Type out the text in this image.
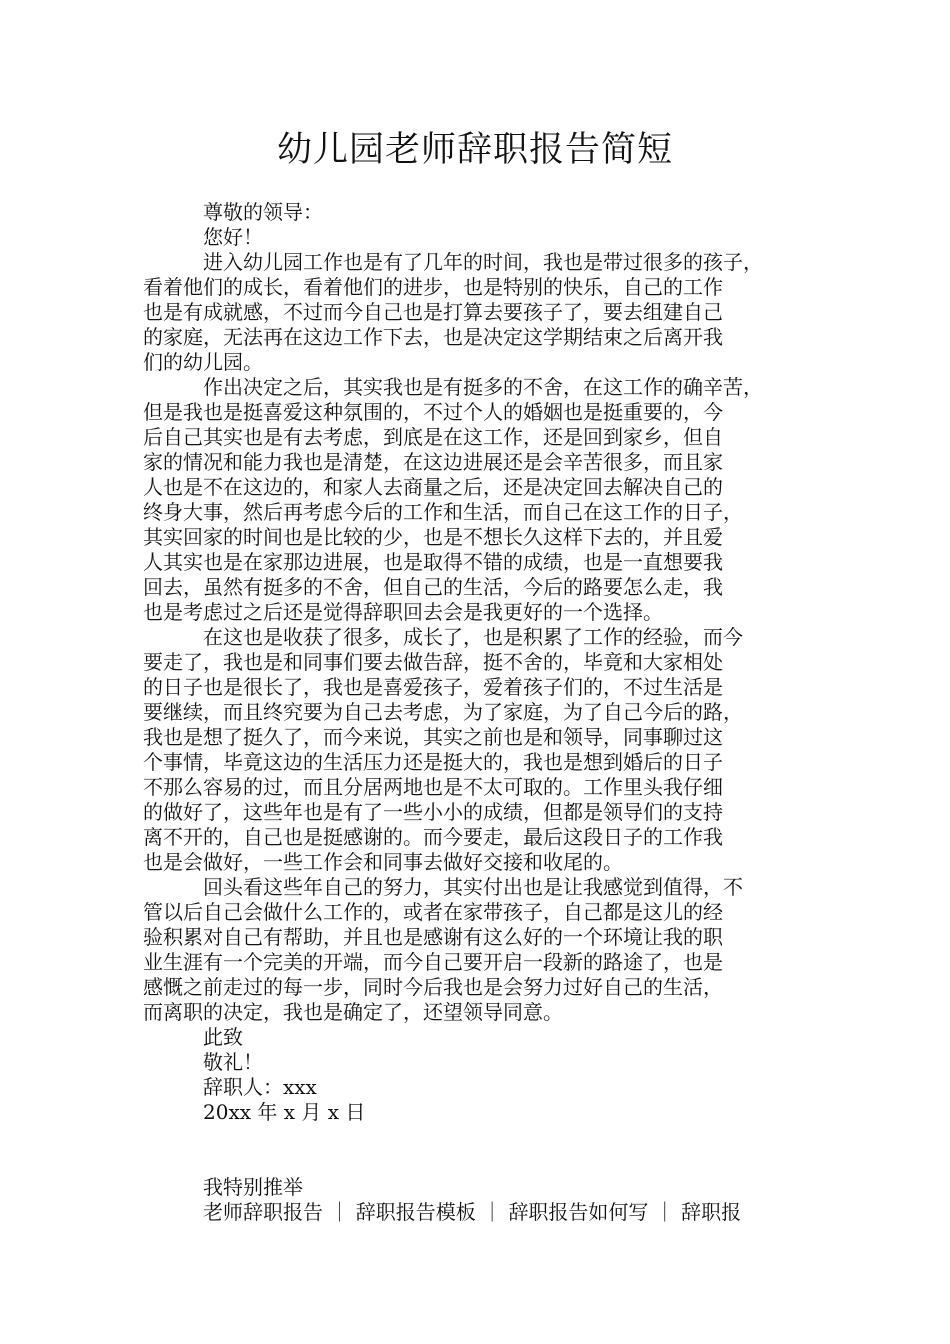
幼儿园老师辞职报告简短
尊敬的领导：
您好！
进入幼儿园工作也是有了几年的时间，我也是带过很多的孩子，
看着他们的成长，看着他们的进步，也是特别的快乐，自己的工作
也是有成就感，不过而今自己也是打算去要孩子了，要去组建自己
的家庭，无法再在这边工作下去，也是决定这学期结束之后离开我
们的幼儿园。
作出决定之后，其实我也是有挺多的不舍，在这工作的确辛苦，
但是我也是挺喜爱这种氛围的，不过个人的婚姻也是挺重要的，今
后自己其实也是有去考虑，到底是在这工作，还是回到家乡，但自
家的情况和能力我也是清楚，在这边进展还是会辛苦很多，而且家
人也是不在这边的，和家人去商量之后，还是决定回去解决自己的
终身大事，然后再考虑今后的工作和生活，而自己在这工作的日子，
其实回家的时间也是比较的少，也是不想长久这样下去的，并且爱
人其实也是在家那边进展，也是取得不错的成绩，也是一直想要我
回去，虽然有挺多的不舍，但自己的生活，今后的路要怎么走，我
也是考虑过之后还是觉得辞职回去会是我更好的一个选择。
在这也是收获了很多，成长了，也是积累了工作的经验，而今
要走了，我也是和同事们要去做告辞，挺不舍的，毕竟和大家相处
的日子也是很长了，我也是喜爱孩子，爱着孩子们的，不过生活是
要继续，而且终究要为自己去考虑，为了家庭，为了自己今后的路，
我也是想了挺久了，而今来说，其实之前也是和领导，同事聊过这
个事情，毕竟这边的生活压力还是挺大的，我也是想到婚后的日子
不那么容易的过，而且分居两地也是不太可取的。工作里头我仔细
的做好了，这些年也是有了一些小小的成绩，但都是领导们的支持
离不开的，自己也是挺感谢的。而今要走，最后这段日子的工作我
也是会做好，一些工作会和同事去做好交接和收尾的。
回头看这些年自己的努力，其实付出也是让我感觉到值得，不
管以后自己会做什么工作的，或者在家带孩子，自己都是这儿的经
验积累对自己有帮助，并且也是感谢有这么好的一个环境让我的职
业生涯有一个完美的开端，而今自己要开启一段新的路途了，也是
感慨之前走过的每一步，同时今后我也是会努力过好自己的生活，
而离职的决定，我也是确定了，还望领导同意。
此致
敬礼！
辞职人：xxx
20xx 年 x 月 x 日
我特别推举
老师辞职报告 ｜ 辞职报告模板 ｜ 辞职报告如何写 ｜ 辞职报
